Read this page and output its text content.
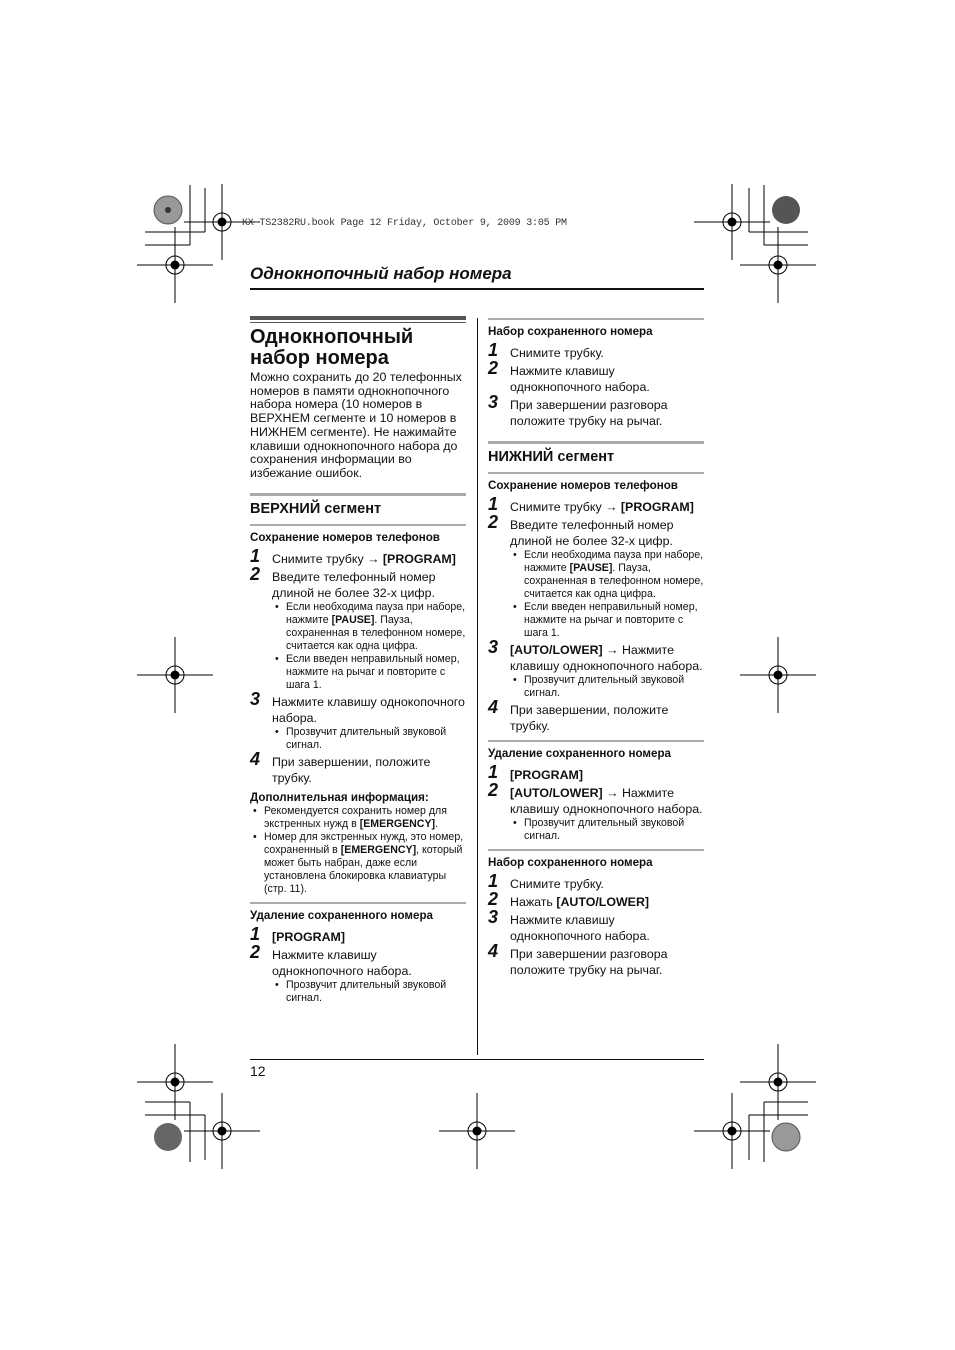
KX-TS2382RU.book Page 12 Friday, October 9, 2009 3:05 PM
Однокнопочный набор номера
Однокнопочный
набор номера
Можно сохранить до 20 телефонных номеров в памяти однокнопочного набора номера (10 номеров в ВЕРХНЕМ сегменте и 10 номеров в НИЖНЕМ сегменте). Не нажимайте клавиши однокнопочного набора до сохранения информации во избежание ошибок.
ВЕРХНИЙ сегмент
Сохранение номеров телефонов
1 Снимите трубку → [PROGRAM]
2 Введите телефонный номер длиной не более 32-х цифр.
• Если необходима пауза при наборе, нажмите [PAUSE]. Пауза, сохраненная в телефонном номере, считается как одна цифра.
• Если введен неправильный номер, нажмите на рычаг и повторите с шага 1.
3 Нажмите клавишу однокопочного набора.
• Прозвучит длительный звуковой сигнал.
4 При завершении, положите трубку.
Дополнительная информация:
• Рекомендуется сохранить номер для экстренных нужд в [EMERGENCY].
• Номер для экстренных нужд, это номер, сохраненный в [EMERGENCY], который может быть набран, даже если установлена блокировка клавиатуры (стр. 11).
Удаление сохраненного номера
1 [PROGRAM]
2 Нажмите клавишу однокнопочного набора.
• Прозвучит длительный звуковой сигнал.
Набор сохраненного номера
1 Снимите трубку.
2 Нажмите клавишу однокнопочного набора.
3 При завершении разговора положите трубку на рычаг.
НИЖНИЙ сегмент
Сохранение номеров телефонов
1 Снимите трубку → [PROGRAM]
2 Введите телефонный номер длиной не более 32-х цифр.
• Если необходима пауза при наборе, нажмите [PAUSE]. Пауза, сохраненная в телефонном номере, считается как одна цифра.
• Если введен неправильный номер, нажмите на рычаг и повторите с шага 1.
3 [AUTO/LOWER] → Нажмите клавишу однокнопочного набора.
• Прозвучит длительный звуковой сигнал.
4 При завершении, положите трубку.
Удаление сохраненного номера
1 [PROGRAM]
2 [AUTO/LOWER] → Нажмите клавишу однокнопочного набора.
• Прозвучит длительный звуковой сигнал.
Набор сохраненного номера
1 Снимите трубку.
2 Нажать [AUTO/LOWER]
3 Нажмите клавишу однокнопочного набора.
4 При завершении разговора положите трубку на рычаг.
12
